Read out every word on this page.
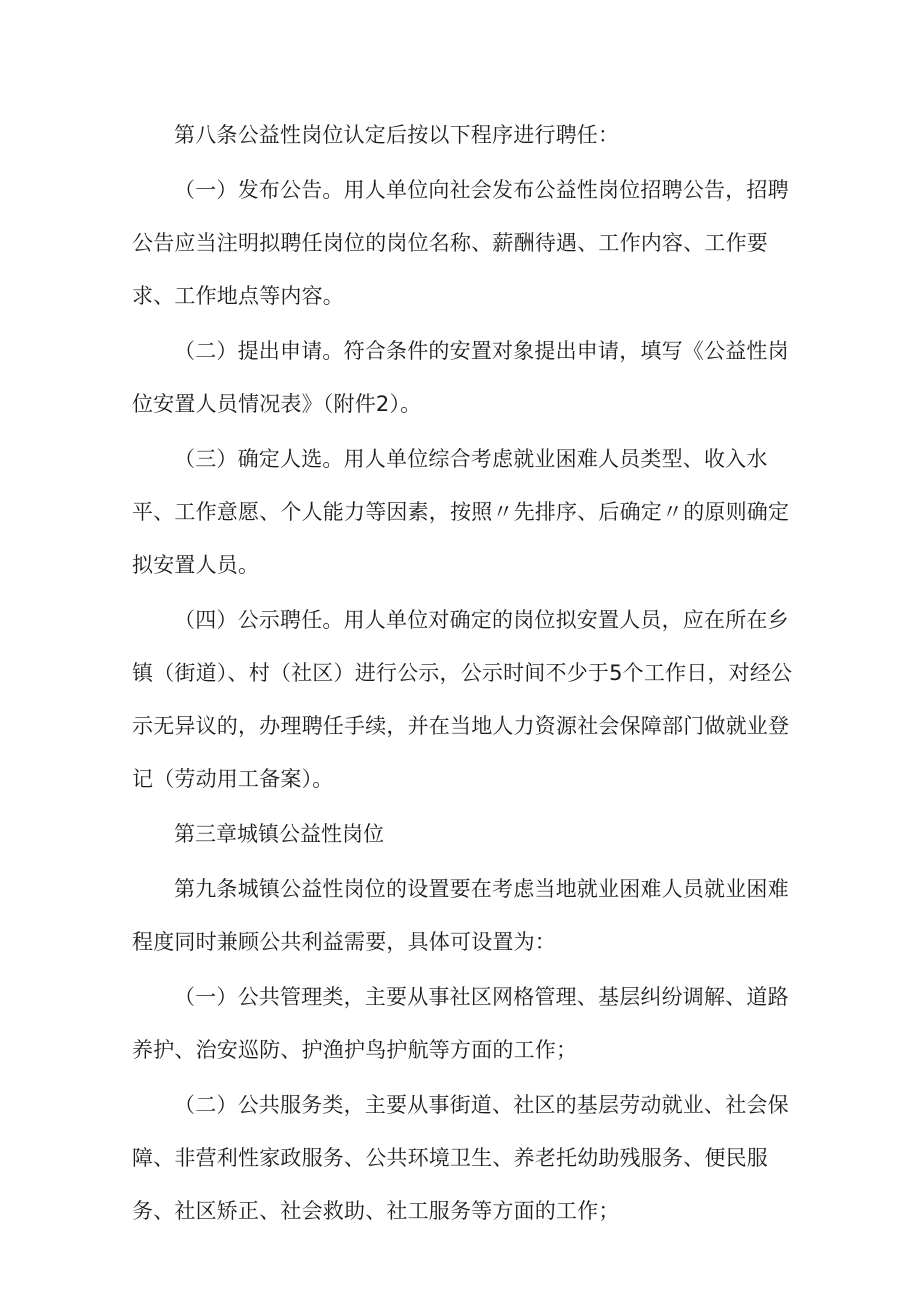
第八条公益性岗位认定后按以下程序进行聘任：

（一）发布公告。用人单位向社会发布公益性岗位招聘公告，招聘公告应当注明拟聘任岗位的岗位名称、薪酬待遇、工作内容、工作要求、工作地点等内容。

（二）提出申请。符合条件的安置对象提出申请，填写《公益性岗位安置人员情况表》（附件2）。

（三）确定人选。用人单位综合考虑就业困难人员类型、收入水平、工作意愿、个人能力等因素，按照〃先排序、后确定〃的原则确定拟安置人员。

（四）公示聘任。用人单位对确定的岗位拟安置人员，应在所在乡镇（街道）、村（社区）进行公示，公示时间不少于5个工作日，对经公示无异议的，办理聘任手续，并在当地人力资源社会保障部门做就业登记（劳动用工备案）。

第三章城镇公益性岗位

第九条城镇公益性岗位的设置要在考虑当地就业困难人员就业困难程度同时兼顾公共利益需要，具体可设置为：

（一）公共管理类，主要从事社区网格管理、基层纠纷调解、道路养护、治安巡防、护渔护鸟护航等方面的工作；

（二）公共服务类，主要从事街道、社区的基层劳动就业、社会保障、非营利性家政服务、公共环境卫生、养老托幼助残服务、便民服务、社区矫正、社会救助、社工服务等方面的工作；
